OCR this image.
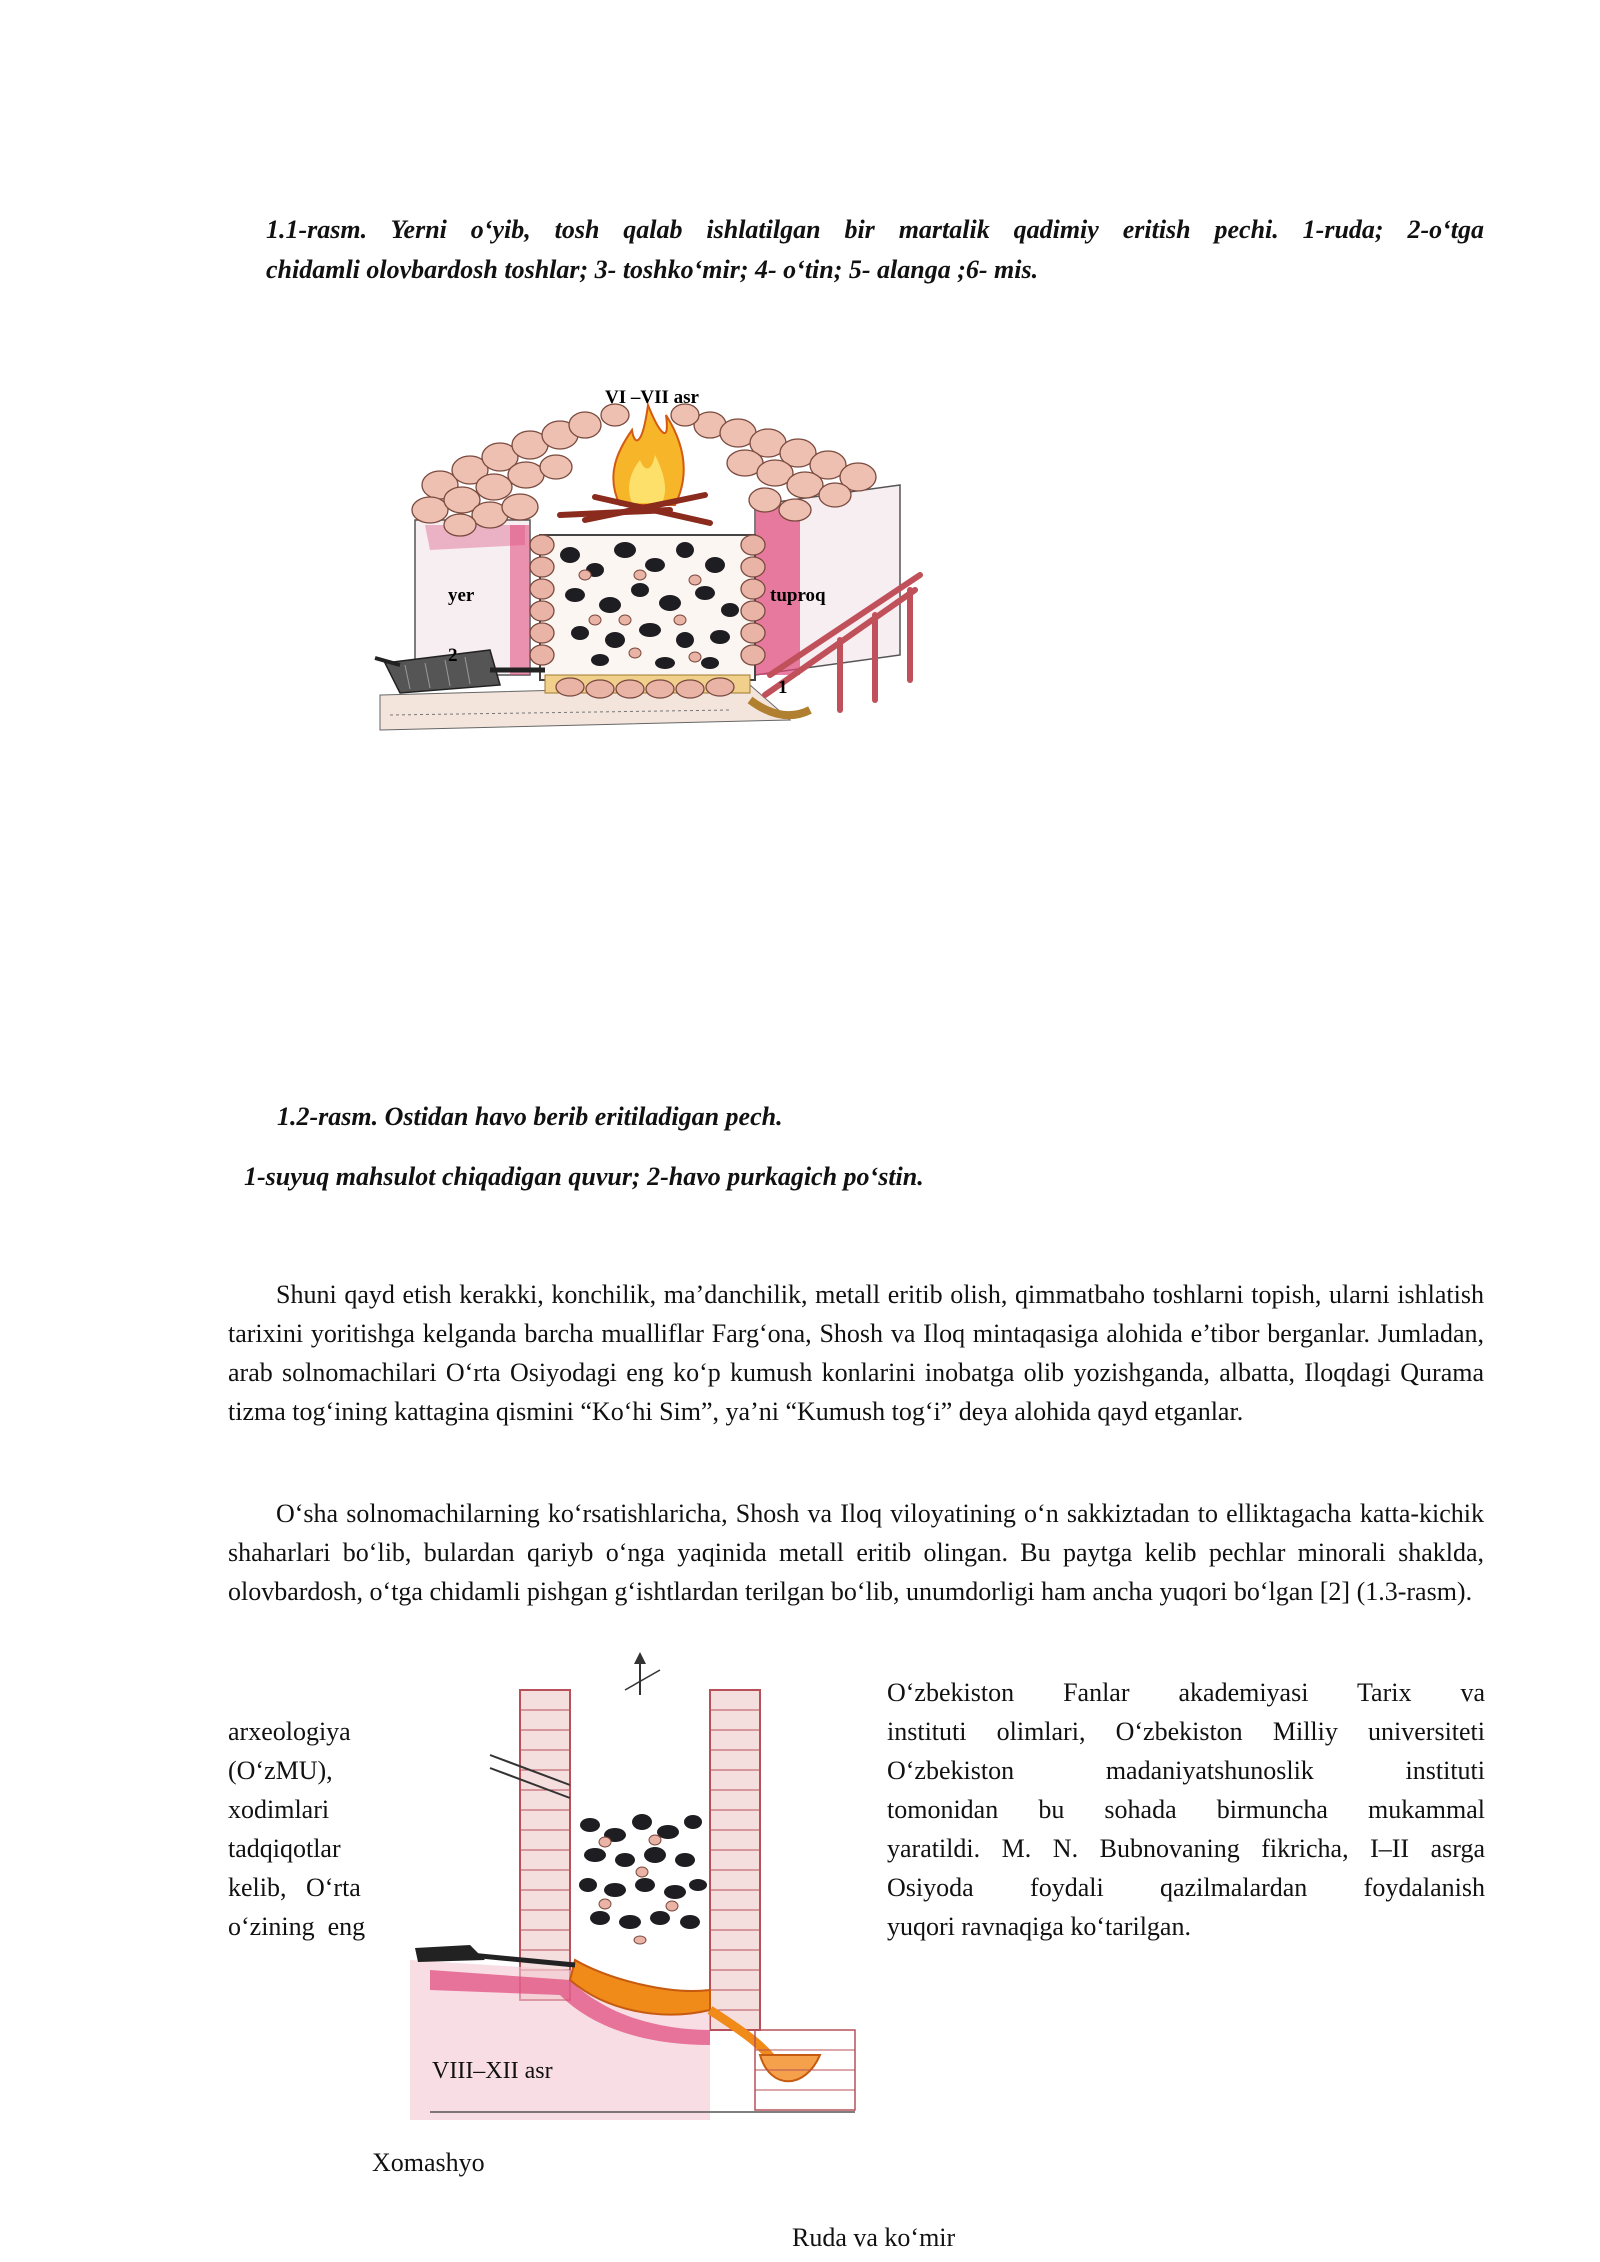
1.1-rasm. Yerni o‘yib, tosh qalab ishlatilgan bir martalik qadimiy eritish pechi. 1-ruda; 2-o‘tga
chidamli olovbardosh toshlar; 3- toshko‘mir; 4- o‘tin; 5- alanga ;6- mis.
VI –VII asr
yer	tuproq
2
1
1.2-rasm. Ostidan havo berib eritiladigan pech.
1-suyuq mahsulot chiqadigan quvur; 2-havo purkagich po‘stin.
Shuni qayd etish kerakki, konchilik, ma’danchilik, metall eritib olish, qimmatbaho toshlarni topish, ularni ishlatish tarixini yoritishga kelganda barcha mualliflar Farg‘ona, Shosh va Iloq mintaqasiga alohida e’tibor berganlar. Jumladan, arab solnomachilari O‘rta Osiyodagi eng ko‘p kumush konlarini inobatga olib yozishganda, albatta, Iloqdagi Qurama tizma tog‘ining kattagina qismini “Ko‘hi Sim”, ya’ni “Kumush tog‘i” deya alohida qayd etganlar.
O‘sha solnomachilarning ko‘rsatishlaricha, Shosh va Iloq viloyatining o‘n sakkiztadan to elliktagacha katta-kichik shaharlari bo‘lib, bulardan qariyb o‘nga yaqinida metall eritib olingan. Bu paytga kelib pechlar minorali shaklda, olovbardosh, o‘tga chidamli pishgan g‘ishtlardan terilgan bo‘lib, unumdorligi ham ancha yuqori bo‘lgan [2] (1.3-rasm).
arxeologiya
(O‘zMU),
xodimlari
tadqiqotlar
kelib,   O‘rta
o‘zining  eng
O‘zbekiston Fanlar akademiyasi Tarix va
instituti olimlari, O‘zbekiston Milliy universiteti
O‘zbekiston madaniyatshunoslik instituti
tomonidan bu sohada birmuncha mukammal
yaratildi. M. N. Bubnovaning fikricha, I–II asrga
Osiyoda foydali qazilmalardan foydalanish
yuqori ravnaqiga ko‘tarilgan.
VIII–XII asr
Xomashyo
Ruda va ko‘mir
